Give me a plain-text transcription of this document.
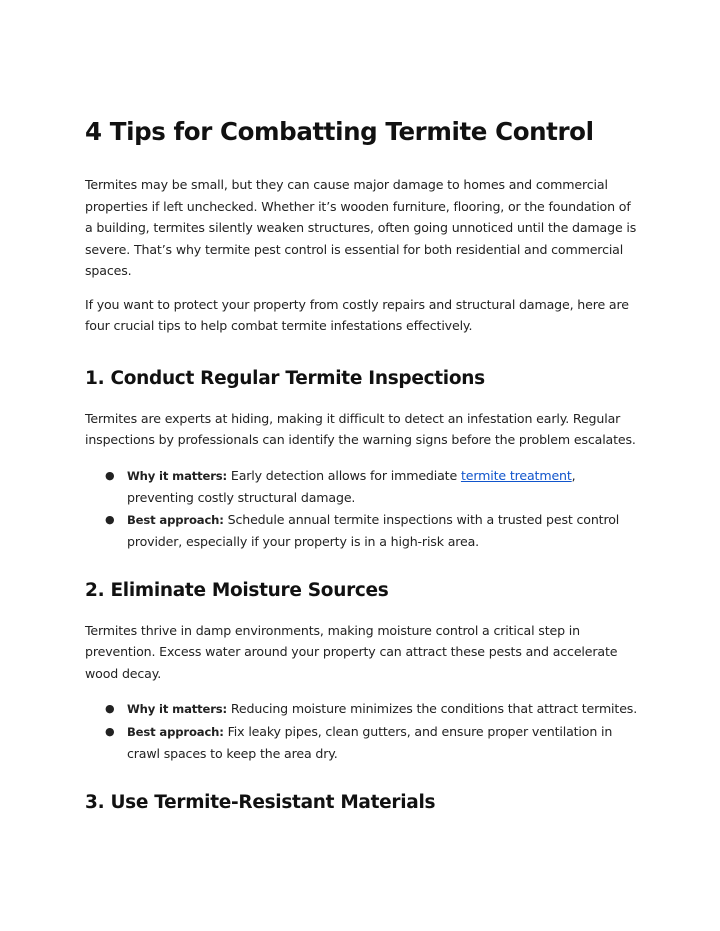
4 Tips for Combatting Termite Control

Termites may be small, but they can cause major damage to homes and commercial properties if left unchecked. Whether it’s wooden furniture, flooring, or the foundation of a building, termites silently weaken structures, often going unnoticed until the damage is severe. That’s why termite pest control is essential for both residential and commercial spaces.

If you want to protect your property from costly repairs and structural damage, here are four crucial tips to help combat termite infestations effectively.

1. Conduct Regular Termite Inspections

Termites are experts at hiding, making it difficult to detect an infestation early. Regular inspections by professionals can identify the warning signs before the problem escalates.

● Why it matters: Early detection allows for immediate termite treatment, preventing costly structural damage.
● Best approach: Schedule annual termite inspections with a trusted pest control provider, especially if your property is in a high-risk area.
2. Eliminate Moisture Sources

Termites thrive in damp environments, making moisture control a critical step in prevention. Excess water around your property can attract these pests and accelerate wood decay.

● Why it matters: Reducing moisture minimizes the conditions that attract termites.
● Best approach: Fix leaky pipes, clean gutters, and ensure proper ventilation in crawl spaces to keep the area dry.
3. Use Termite-Resistant Materials
